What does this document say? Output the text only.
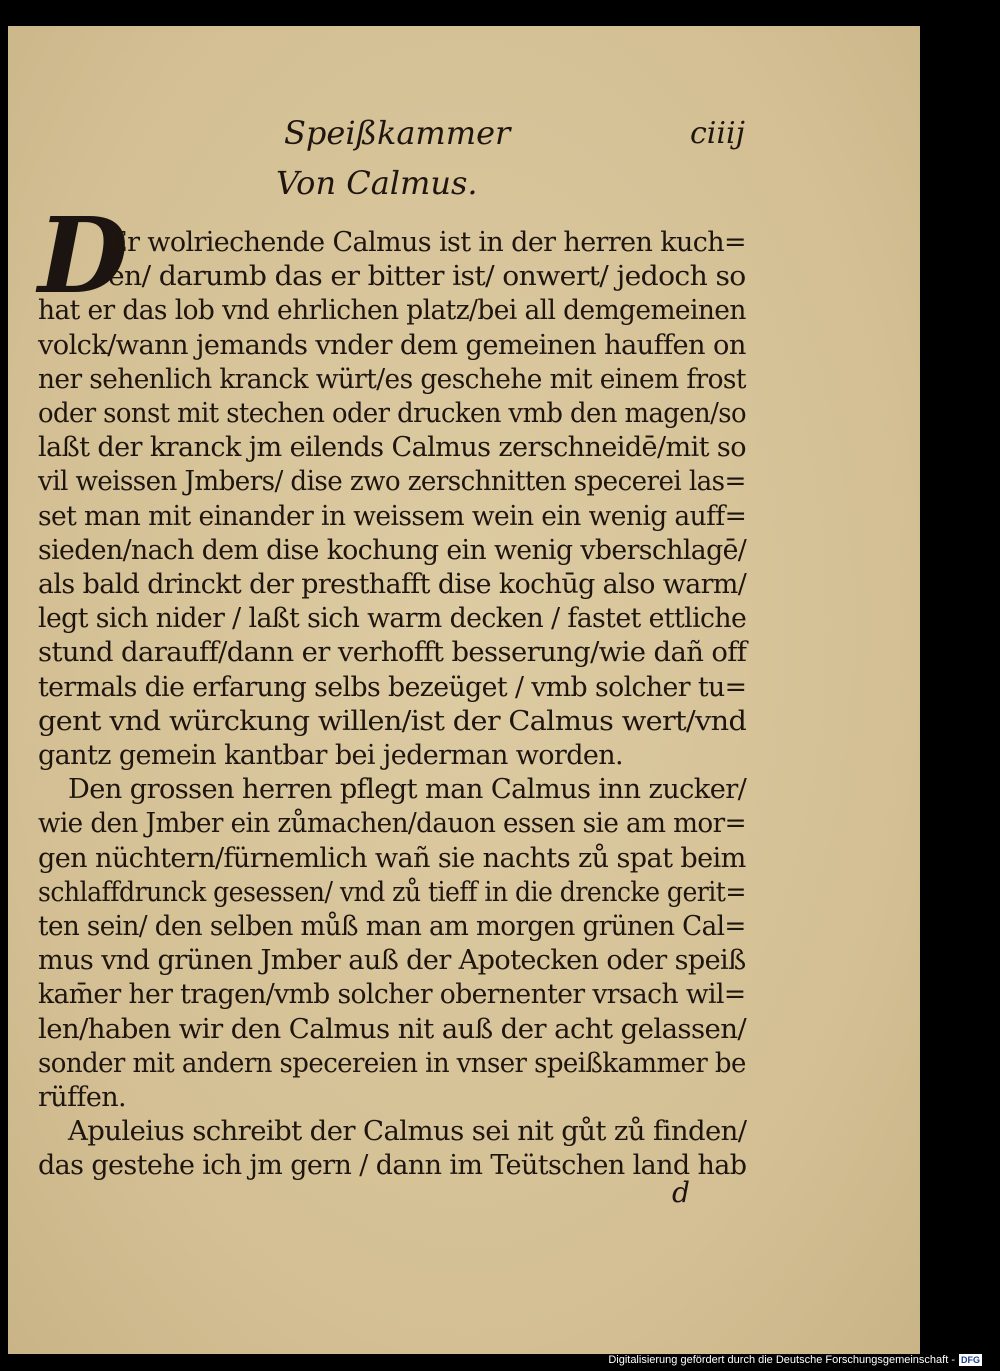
Speißkammer	ciiij
Von Calmus.
D
Er wolriechende Calmus ist in der herren kuch=
en/ darumb das er bitter ist/ onwert/ jedoch so
hat er das lob vnd ehrlichen platz/bei all demgemeinen
volck/wann jemands vnder dem gemeinen hauffen on
ner sehenlich kranck würt/es geschehe mit einem frost
oder sonst mit stechen oder drucken vmb den magen/so
laßt der kranck jm eilends Calmus zerschneidē/mit so
vil weissen Jmbers/ dise zwo zerschnitten specerei las=
set man mit einander in weissem wein ein wenig auff=
sieden/nach dem dise kochung ein wenig vberschlagē/
als bald drinckt der presthafft dise kochūg also warm/
legt sich nider / laßt sich warm decken / fastet ettliche
stund darauff/dann er verhofft besserung/wie dañ off
termals die erfarung selbs bezeüget / vmb solcher tu=
gent vnd würckung willen/ist der Calmus wert/vnd
gantz gemein kantbar bei jederman worden.
Den grossen herren pflegt man Calmus inn zucker/
wie den Jmber ein zůmachen/dauon essen sie am mor=
gen nüchtern/fürnemlich wañ sie nachts zů spat beim
schlaffdrunck gesessen/ vnd zů tieff in die drencke gerit=
ten sein/ den selben můß man am morgen grünen Cal=
mus vnd grünen Jmber auß der Apotecken oder speiß
kam̄er her tragen/vmb solcher obernenter vrsach wil=
len/haben wir den Calmus nit auß der acht gelassen/
sonder mit andern specereien in vnser speißkammer be
rüffen.
Apuleius schreibt der Calmus sei nit gůt zů finden/
das gestehe ich jm gern / dann im Teütschen land hab
d
Digitalisierung gefördert durch die Deutsche Forschungsgemeinschaft - DFG
